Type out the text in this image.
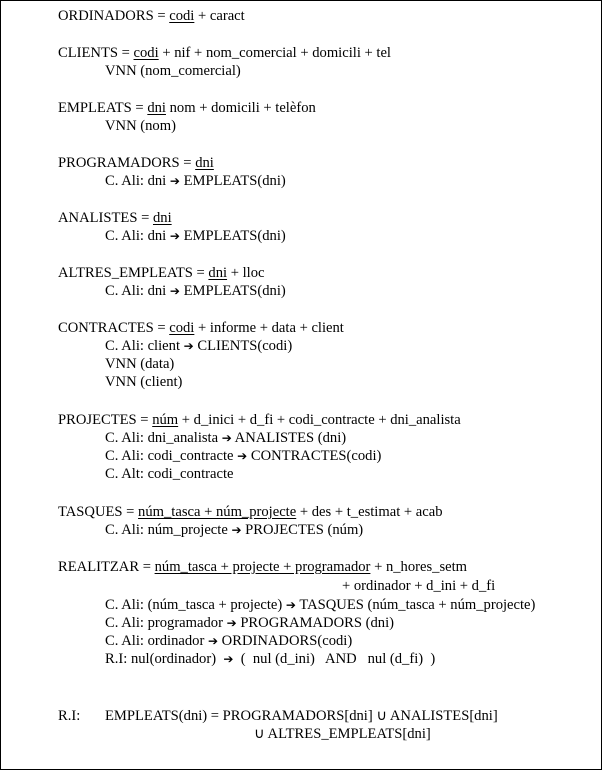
ORDINADORS = codi + caract
CLIENTS = codi + nif + nom_comercial + domicili + tel
VNN (nom_comercial)
EMPLEATS = dni nom + domicili + telèfon
VNN (nom)
PROGRAMADORS = dni
C. Ali: dni ➔ EMPLEATS(dni)
ANALISTES = dni
C. Ali: dni ➔ EMPLEATS(dni)
ALTRES_EMPLEATS = dni + lloc
C. Ali: dni ➔ EMPLEATS(dni)
CONTRACTES = codi + informe + data + client
C. Ali: client ➔ CLIENTS(codi)
VNN (data)
VNN (client)
PROJECTES = núm + d_inici + d_fi + codi_contracte + dni_analista
C. Ali: dni_analista ➔ ANALISTES (dni)
C. Ali: codi_contracte ➔ CONTRACTES(codi)
C. Alt: codi_contracte
TASQUES = núm_tasca + núm_projecte + des + t_estimat + acab
C. Ali: núm_projecte ➔ PROJECTES (núm)
REALITZAR = núm_tasca + projecte + programador + n_hores_setm
+ ordinador + d_ini + d_fi
C. Ali: (núm_tasca + projecte) ➔ TASQUES (núm_tasca + núm_projecte)
C. Ali: programador ➔ PROGRAMADORS (dni)
C. Ali: ordinador ➔ ORDINADORS(codi)
R.I: nul(ordinador)  ➔  (  nul (d_ini)   AND   nul (d_fi)  )
R.I: EMPLEATS(dni) = PROGRAMADORS[dni] ∪ ANALISTES[dni]
∪ ALTRES_EMPLEATS[dni]
